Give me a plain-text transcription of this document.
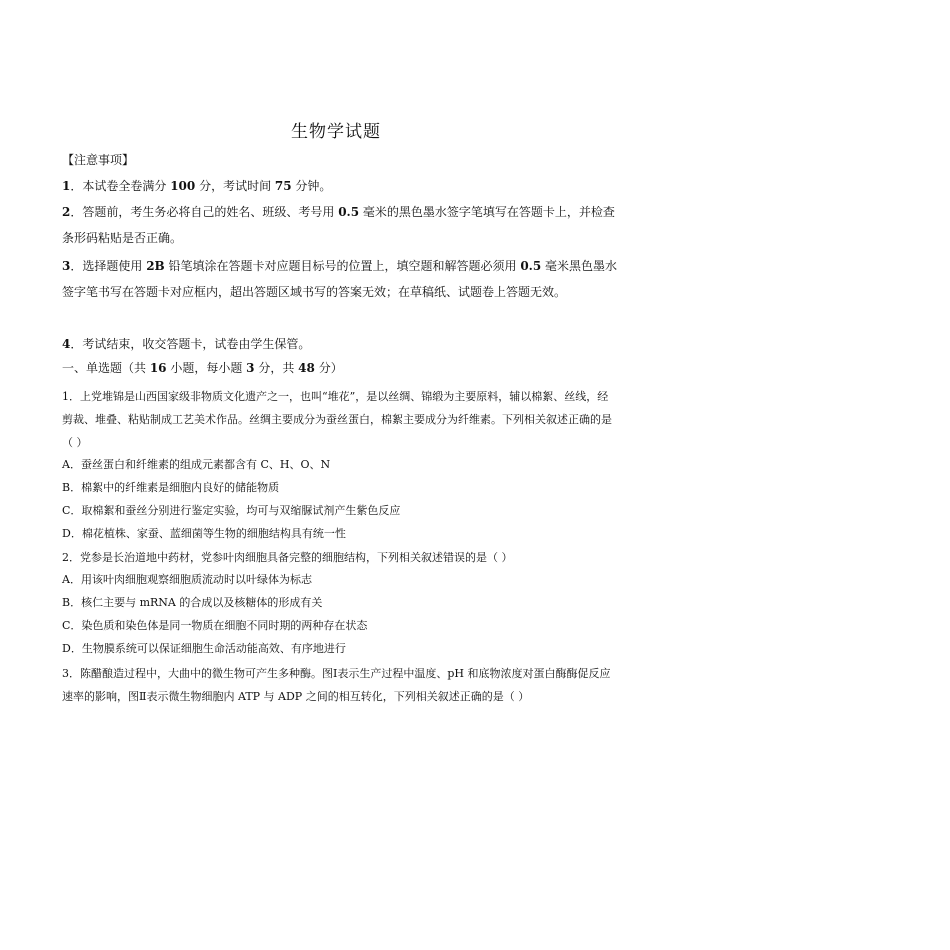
生物学试题
【注意事项】
1．本试卷全卷满分 100 分，考试时间 75 分钟。
2．答题前，考生务必将自己的姓名、班级、考号用 0.5 毫米的黑色墨水签字笔填写在答题卡上，并检查条形码粘贴是否正确。
3．选择题使用 2B 铅笔填涂在答题卡对应题目标号的位置上，填空题和解答题必须用 0.5 毫米黑色墨水签字笔书写在答题卡对应框内，超出答题区域书写的答案无效；在草稿纸、试题卷上答题无效。
4．考试结束，收交答题卡，试卷由学生保管。
一、单选题（共 16 小题，每小题 3 分，共 48 分）
1．上党堆锦是山西国家级非物质文化遗产之一，也叫“堆花”，是以丝绸、锦缎为主要原料，辅以棉絮、丝线，经剪裁、堆叠、粘贴制成工艺美术作品。丝绸主要成分为蚕丝蛋白，棉絮主要成分为纤维素。下列相关叙述正确的是（ ）
A．蚕丝蛋白和纤维素的组成元素都含有 C、H、O、N
B．棉絮中的纤维素是细胞内良好的储能物质
C．取棉絮和蚕丝分别进行鉴定实验，均可与双缩脲试剂产生紫色反应
D．棉花植株、家蚕、蓝细菌等生物的细胞结构具有统一性
2．党参是长治道地中药材，党参叶肉细胞具备完整的细胞结构，下列相关叙述错误的是（ ）
A．用该叶肉细胞观察细胞质流动时以叶绿体为标志
B．核仁主要与 mRNA 的合成以及核糖体的形成有关
C．染色质和染色体是同一物质在细胞不同时期的两种存在状态
D．生物膜系统可以保证细胞生命活动能高效、有序地进行
3．陈醋酿造过程中，大曲中的微生物可产生多种酶。图Ⅰ表示生产过程中温度、pH 和底物浓度对蛋白酶酶促反应速率的影响，图Ⅱ表示微生物细胞内 ATP 与 ADP 之间的相互转化，下列相关叙述正确的是（ ）
